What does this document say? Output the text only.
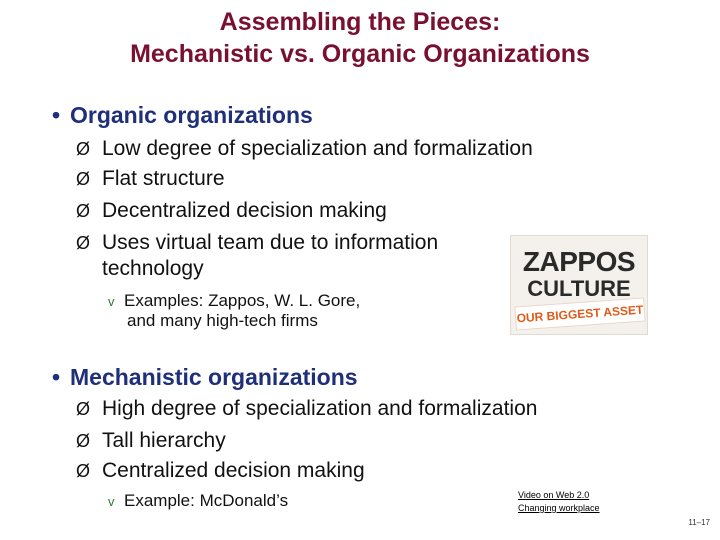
Assembling the Pieces:
Mechanistic vs. Organic Organizations
• Organic organizations
Ø Low degree of specialization and formalization
Ø Flat structure
Ø Decentralized decision making
Ø Uses virtual team due to information
technology
v Examples: Zappos, W. L. Gore,
and many high-tech firms
ZAPPOS
CULTURE
OUR BIGGEST ASSET
• Mechanistic organizations
Ø High degree of specialization and formalization
Ø Tall hierarchy
Ø Centralized decision making
v Example: McDonald’s	Video on Web 2.0
Changing workplace
11–17
